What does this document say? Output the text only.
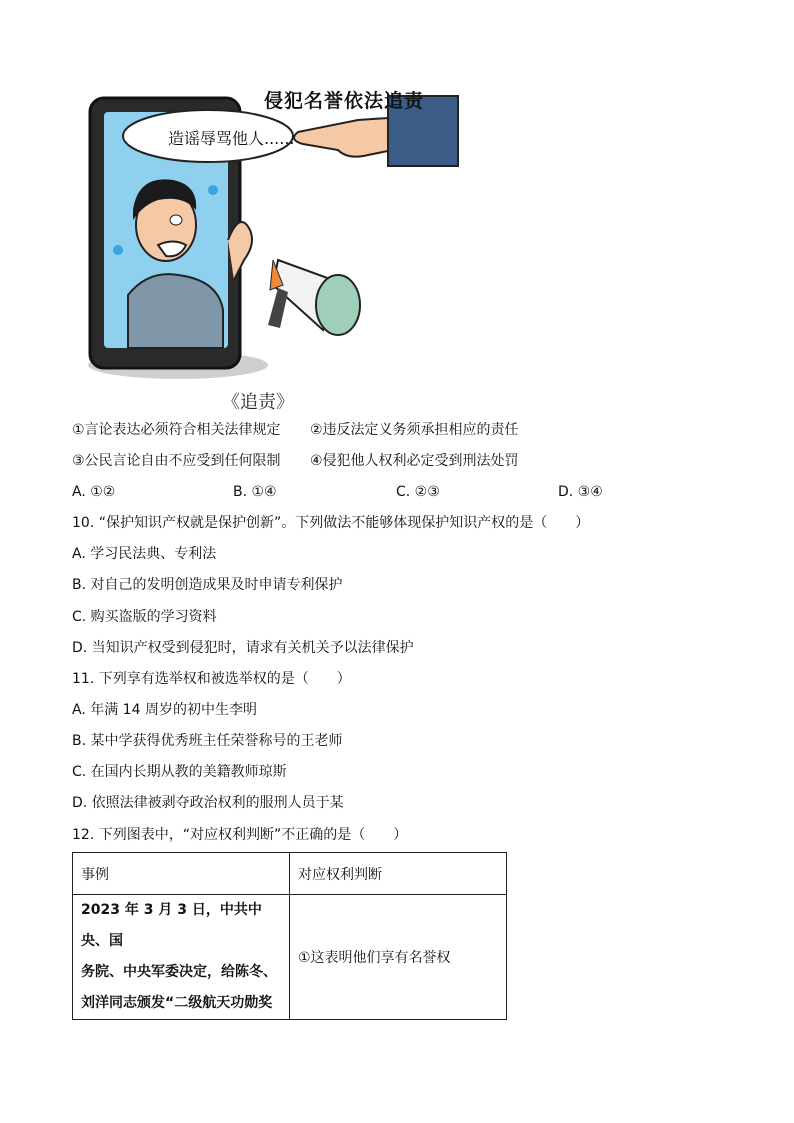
侵犯名誉依法追责
造谣辱骂他人......
《追责》
①言论表达必须符合相关法律规定 ②违反法定义务须承担相应的责任
③公民言论自由不应受到任何限制 ④侵犯他人权利必定受到刑法处罚
A. ①②	B. ①④	C. ②③	D. ③④
10. “保护知识产权就是保护创新”。下列做法不能够体现保护知识产权的是（　　）
A. 学习民法典、专利法
B. 对自己的发明创造成果及时申请专利保护
C. 购买盗版的学习资料
D. 当知识产权受到侵犯时，请求有关机关予以法律保护
11. 下列享有选举权和被选举权的是（　　）
A. 年满 14 周岁的初中生李明
B. 某中学获得优秀班主任荣誉称号的王老师
C. 在国内长期从教的美籍教师琼斯
D. 依照法律被剥夺政治权利的服刑人员于某
12. 下列图表中，“对应权利判断”不正确的是（　　）
事例	对应权利判断

2023 年 3 月 3 日，中共中央、国
务院、中央军委决定，给陈冬、
刘洋同志颁发“二级航天功勋奖	①这表明他们享有名誉权
